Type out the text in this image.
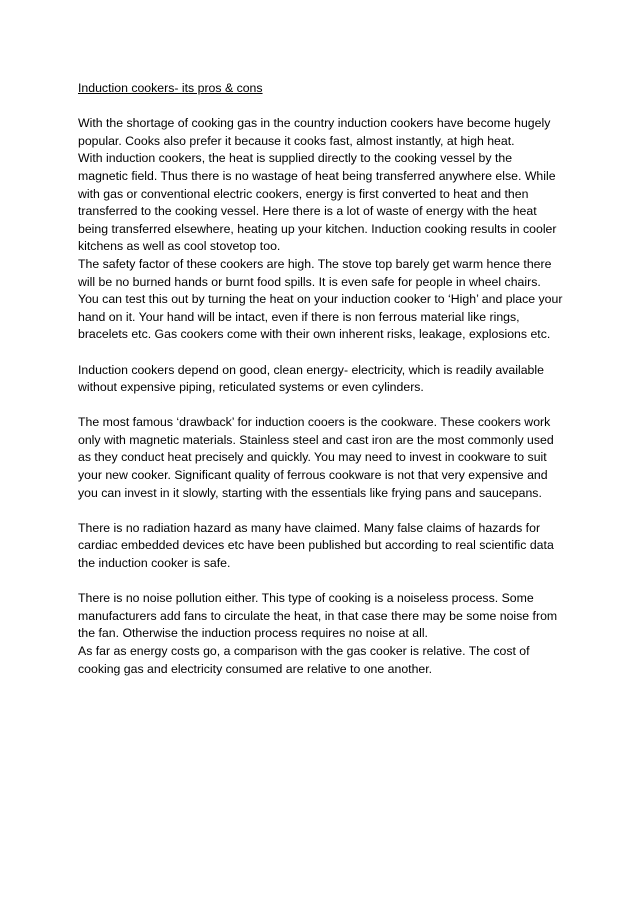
Induction cookers- its pros & cons

With the shortage of cooking gas in the country induction cookers have become hugely popular. Cooks also prefer it because it cooks fast, almost instantly, at high heat.

With induction cookers, the heat is supplied directly to the cooking vessel by the magnetic field. Thus there is no wastage of heat being transferred anywhere else. While with gas or conventional electric cookers, energy is first converted to heat and then transferred to the cooking vessel. Here there is a lot of waste of energy with the heat being transferred elsewhere, heating up your kitchen. Induction cooking results in cooler kitchens as well as cool stovetop too.

The safety factor of these cookers are high. The stove top barely get warm hence there will be no burned hands or burnt food spills. It is even safe for people in wheel chairs. You can test this out by turning the heat on your induction cooker to ‘High’ and place your hand on it. Your hand will be intact, even if there is non ferrous material like rings, bracelets etc. Gas cookers come with their own inherent risks, leakage, explosions etc.

Induction cookers depend on good, clean energy- electricity, which is readily available without expensive piping, reticulated systems or even cylinders.

The most famous ‘drawback’ for induction cooers is the cookware. These cookers work only with magnetic materials. Stainless steel and cast iron are the most commonly used as they conduct heat precisely and quickly. You may need to invest in cookware to suit your new cooker. Significant quality of ferrous cookware is not that very expensive and you can invest in it slowly, starting with the essentials like frying pans and saucepans.

There is no radiation hazard as many have claimed. Many false claims of hazards for cardiac embedded devices etc have been published but according to real scientific data the induction cooker is safe.

There is no noise pollution either. This type of cooking is a noiseless process. Some manufacturers add fans to circulate the heat, in that case there may be some noise from the fan. Otherwise the induction process requires no noise at all.

As far as energy costs go, a comparison with the gas cooker is relative. The cost of cooking gas and electricity consumed are relative to one another.
